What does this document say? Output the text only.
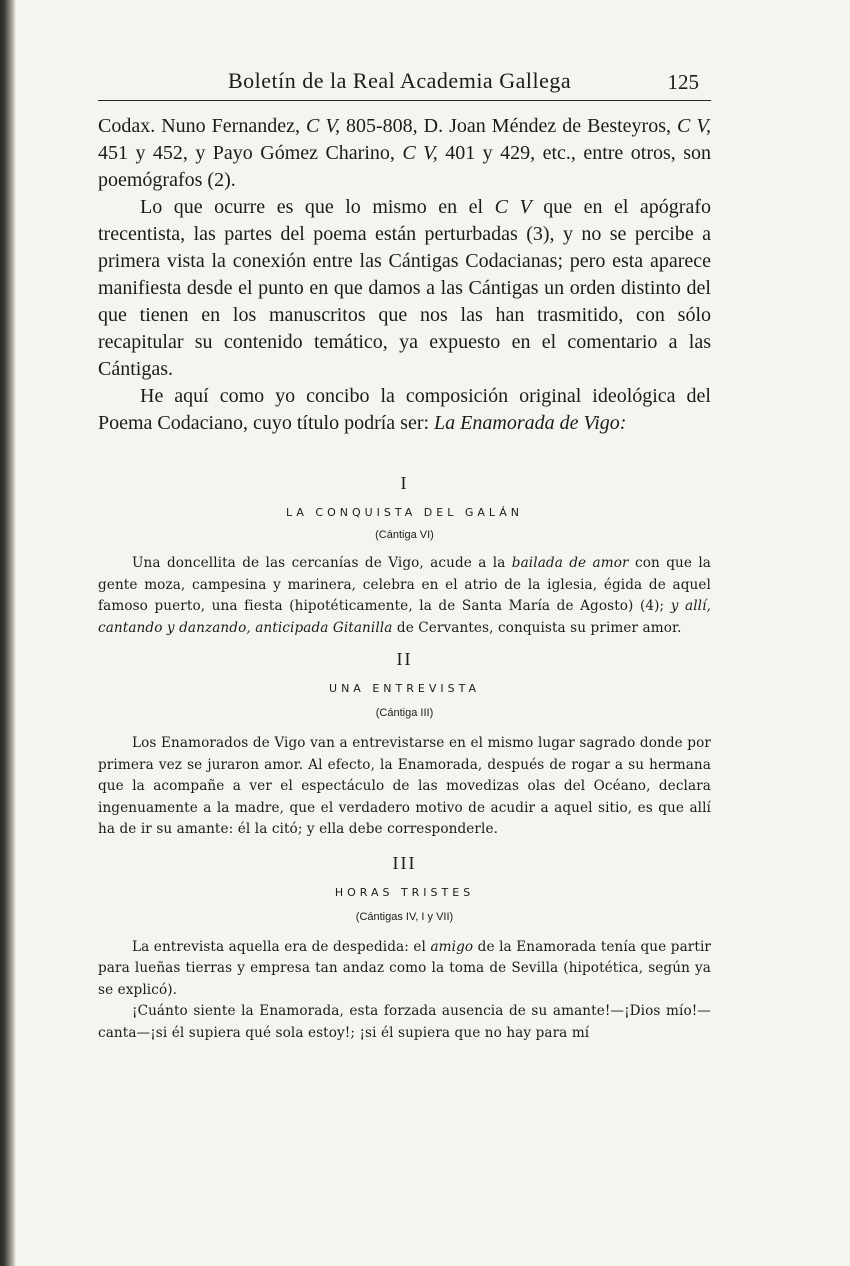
Boletín de la Real Academia Gallega	125

Codax. Nuno Fernandez, C V, 805-808, D. Joan Méndez de Besteyros, C V, 451 y 452, y Payo Gómez Charino, C V, 401 y 429, etc., entre otros, son poemógrafos (2).

Lo que ocurre es que lo mismo en el C V que en el apógrafo trecentista, las partes del poema están perturbadas (3), y no se percibe a primera vista la conexión entre las Cántigas Codacianas; pero esta aparece manifiesta desde el punto en que damos a las Cántigas un orden distinto del que tienen en los manuscritos que nos las han trasmitido, con sólo recapitular su contenido temático, ya expuesto en el comentario a las Cántigas.

He aquí como yo concibo la composición original ideológica del Poema Codaciano, cuyo título podría ser: La Enamorada de Vigo:

I
LA CONQUISTA DEL GALÁN
(Cántiga VI)

Una doncellita de las cercanías de Vigo, acude a la bailada de amor con que la gente moza, campesina y marinera, celebra en el atrio de la iglesia, égida de aquel famoso puerto, una fiesta (hipotéticamente, la de Santa María de Agosto) (4); y allí, cantando y danzando, anticipada Gitanilla de Cervantes, conquista su primer amor.

II
UNA ENTREVISTA
(Cántiga III)

Los Enamorados de Vigo van a entrevistarse en el mismo lugar sagrado donde por primera vez se juraron amor. Al efecto, la Enamorada, después de rogar a su hermana que la acompañe a ver el espectáculo de las movedizas olas del Océano, declara ingenuamente a la madre, que el verdadero motivo de acudir a aquel sitio, es que allí ha de ir su amante: él la citó; y ella debe corresponderle.

III
HORAS TRISTES
(Cántigas IV, I y VII)

La entrevista aquella era de despedida: el amigo de la Enamorada tenía que partir para lueñas tierras y empresa tan andaz como la toma de Sevilla (hipotética, según ya se explicó).

¡Cuánto siente la Enamorada, esta forzada ausencia de su amante!—¡Dios mío!—canta—¡si él supiera qué sola estoy!; ¡si él supiera que no hay para mí
